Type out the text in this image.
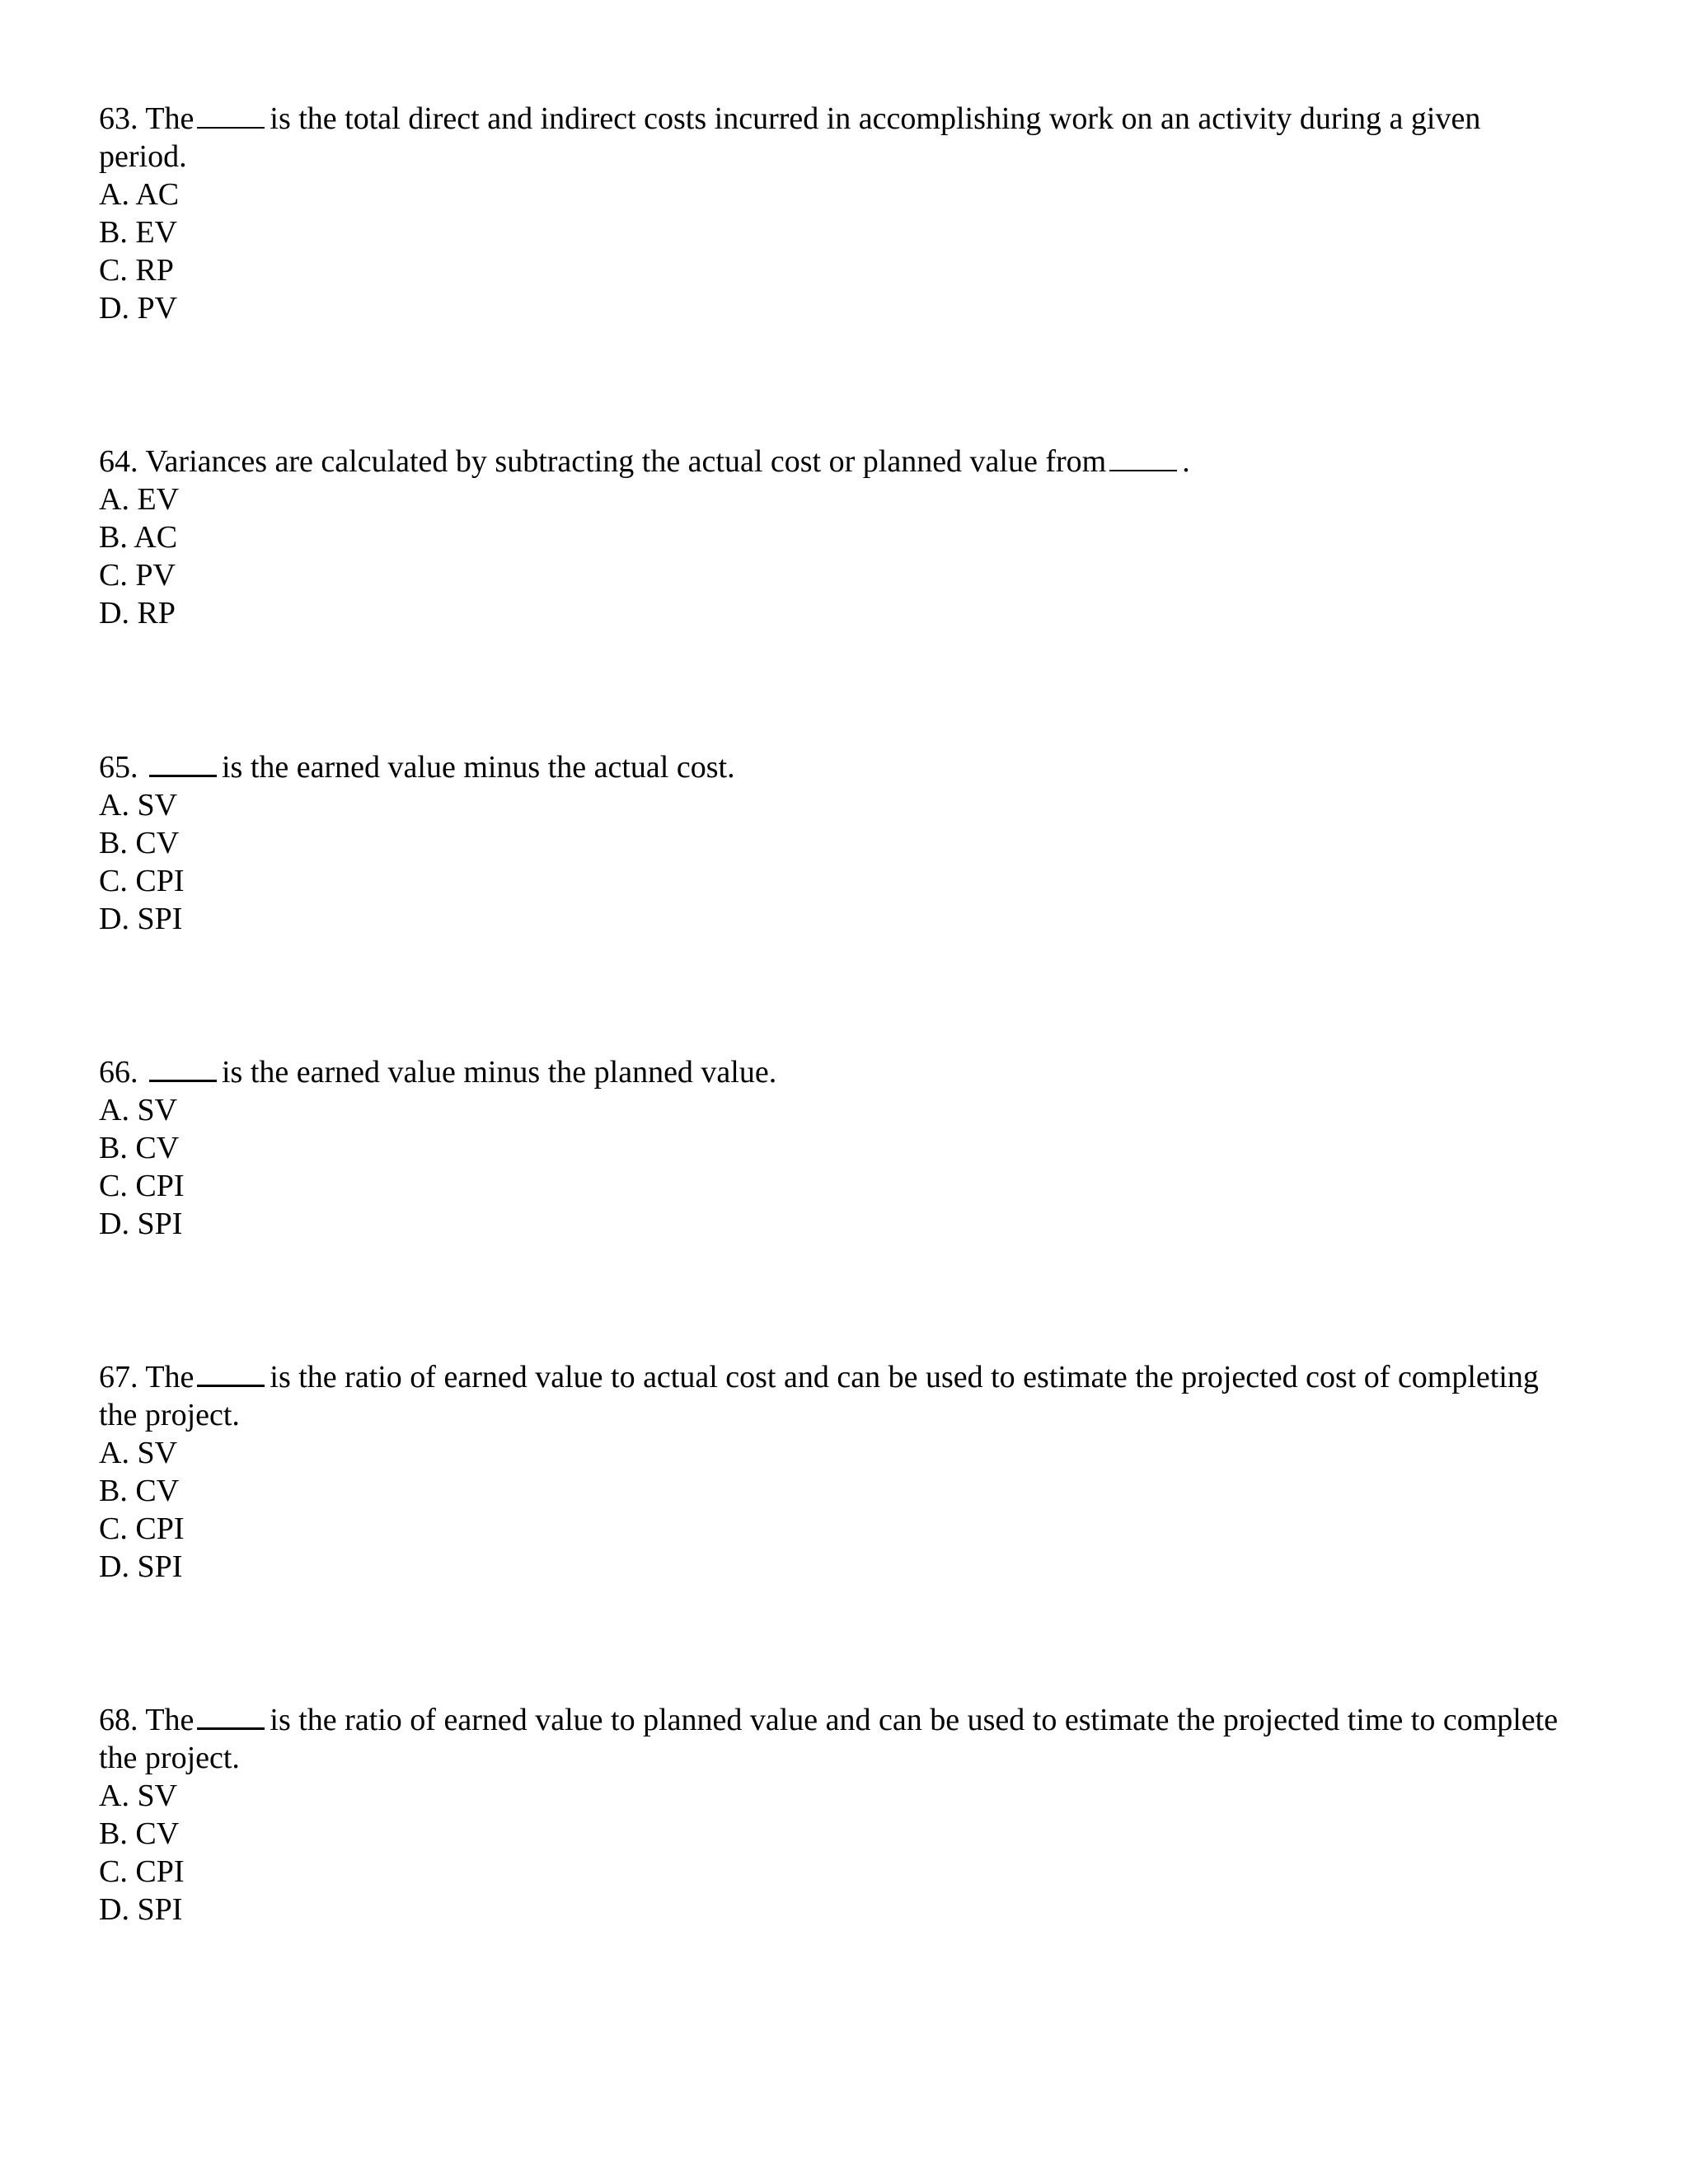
63. The is the total direct and indirect costs incurred in accomplishing work on an activity during a given period.

A. AC
B. EV
C. RP
D. PV

64. Variances are calculated by subtracting the actual cost or planned value from .

A. EV
B. AC
C. PV
D. RP

65.	is the earned value minus the actual cost.

A. SV
B. CV
C. CPI
D. SPI

66.	is the earned value minus the planned value.

A. SV
B. CV
C. CPI
D. SPI

67. The is the ratio of earned value to actual cost and can be used to estimate the projected cost of completing the project.

A. SV
B. CV
C. CPI
D. SPI

68. The is the ratio of earned value to planned value and can be used to estimate the projected time to complete the project.

A. SV
B. CV
C. CPI
D. SPI
